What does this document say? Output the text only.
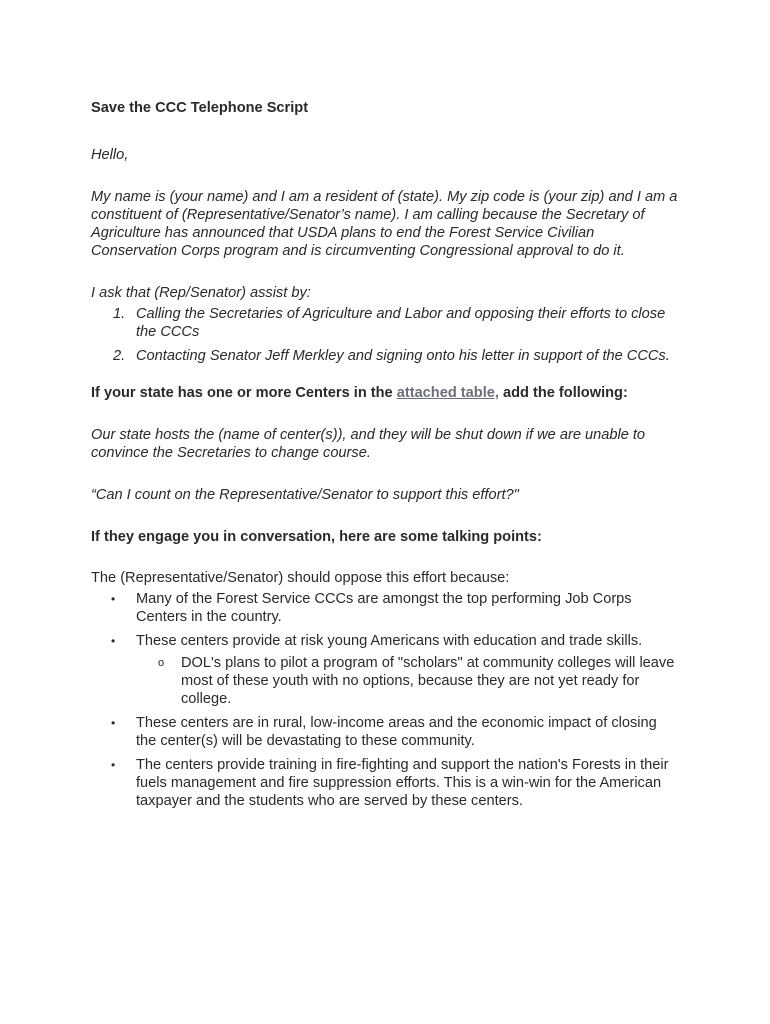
Save the CCC Telephone Script

Hello,

My name is (your name) and I am a resident of (state). My zip code is (your zip) and I am a constituent of (Representative/Senator’s name). I am calling because the Secretary of Agriculture has announced that USDA plans to end the Forest Service Civilian Conservation Corps program and is circumventing Congressional approval to do it.

I ask that (Rep/Senator) assist by:

1. Calling the Secretaries of Agriculture and Labor and opposing their efforts to close the CCCs
2. Contacting Senator Jeff Merkley and signing onto his letter in support of the CCCs.

If your state has one or more Centers in the attached table, add the following:

Our state hosts the (name of center(s)), and they will be shut down if we are unable to convince the Secretaries to change course.

“Can I count on the Representative/Senator to support this effort?"

If they engage you in conversation, here are some talking points:

The (Representative/Senator) should oppose this effort because:

• Many of the Forest Service CCCs are amongst the top performing Job Corps Centers in the country.
• These centers provide at risk young Americans with education and trade skills.
o DOL's plans to pilot a program of "scholars" at community colleges will leave most of these youth with no options, because they are not yet ready for college.
• These centers are in rural, low-income areas and the economic impact of closing the center(s) will be devastating to these community.
• The centers provide training in fire-fighting and support the nation's Forests in their fuels management and fire suppression efforts. This is a win-win for the American taxpayer and the students who are served by these centers.
